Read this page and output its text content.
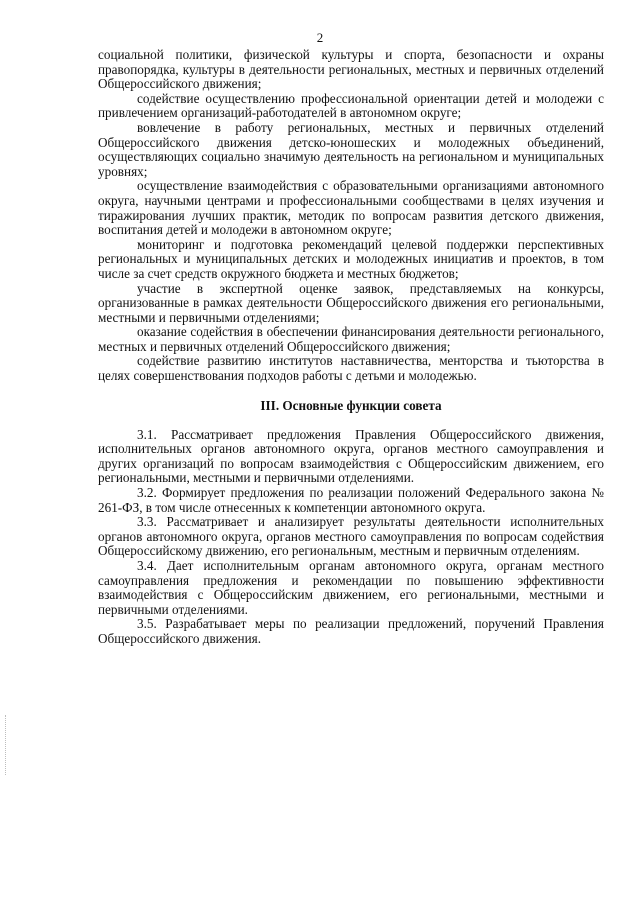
2

социальной политики, физической культуры и спорта, безопасности и охраны правопорядка, культуры в деятельности региональных, местных и первичных отделений Общероссийского движения;

содействие осуществлению профессиональной ориентации детей и молодежи с привлечением организаций-работодателей в автономном округе;

вовлечение в работу региональных, местных и первичных отделений Общероссийского движения детско-юношеских и молодежных объединений, осуществляющих социально значимую деятельность на региональном и муниципальных уровнях;

осуществление взаимодействия с образовательными организациями автономного округа, научными центрами и профессиональными сообществами в целях изучения и тиражирования лучших практик, методик по вопросам развития детского движения, воспитания детей и молодежи в автономном округе;

мониторинг и подготовка рекомендаций целевой поддержки перспективных региональных и муниципальных детских и молодежных инициатив и проектов, в том числе за счет средств окружного бюджета и местных бюджетов;

участие в экспертной оценке заявок, представляемых на конкурсы, организованные в рамках деятельности Общероссийского движения его региональными, местными и первичными отделениями;

оказание содействия в обеспечении финансирования деятельности регионального, местных и первичных отделений Общероссийского движения;

содействие развитию институтов наставничества, менторства и тьюторства в целях совершенствования подходов работы с детьми и молодежью.

III. Основные функции совета

3.1. Рассматривает предложения Правления Общероссийского движения, исполнительных органов автономного округа, органов местного самоуправления и других организаций по вопросам взаимодействия с Общероссийским движением, его региональными, местными и первичными отделениями.

3.2. Формирует предложения по реализации положений Федерального закона № 261-ФЗ, в том числе отнесенных к компетенции автономного округа.

3.3. Рассматривает и анализирует результаты деятельности исполнительных органов автономного округа, органов местного самоуправления по вопросам содействия Общероссийскому движению, его региональным, местным и первичным отделениям.

3.4. Дает исполнительным органам автономного округа, органам местного самоуправления предложения и рекомендации по повышению эффективности взаимодействия с Общероссийским движением, его региональными, местными и первичными отделениями.

3.5. Разрабатывает меры по реализации предложений, поручений Правления Общероссийского движения.
